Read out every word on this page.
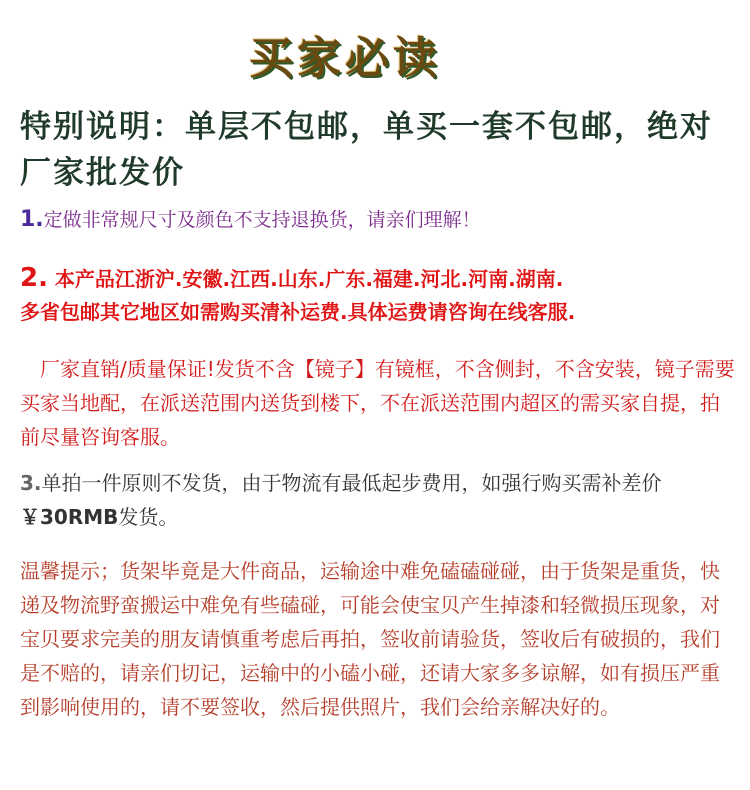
买家必读
特别说明：单层不包邮，单买一套不包邮，绝对厂家批发价
1.定做非常规尺寸及颜色不支持退换货，请亲们理解！
2. 本产品江浙沪.安徽.江西.山东.广东.福建.河北.河南.湖南.
多省包邮其它地区如需购买清补运费.具体运费请咨询在线客服.
厂家直销/质量保证!发货不含【镜子】有镜框，不含侧封，不含安装，镜子需要买家当地配，在派送范围内送货到楼下，不在派送范围内超区的需买家自提，拍前尽量咨询客服。
3.单拍一件原则不发货，由于物流有最低起步费用，如强行购买需补差价￥30RMB发货。
温馨提示；货架毕竟是大件商品，运输途中难免磕磕碰碰，由于货架是重货，快递及物流野蛮搬运中难免有些磕碰，可能会使宝贝产生掉漆和轻微损压现象，对宝贝要求完美的朋友请慎重考虑后再拍，签收前请验货，签收后有破损的，我们是不赔的，请亲们切记，运输中的小磕小碰，还请大家多多谅解，如有损压严重到影响使用的，请不要签收，然后提供照片，我们会给亲解决好的。
